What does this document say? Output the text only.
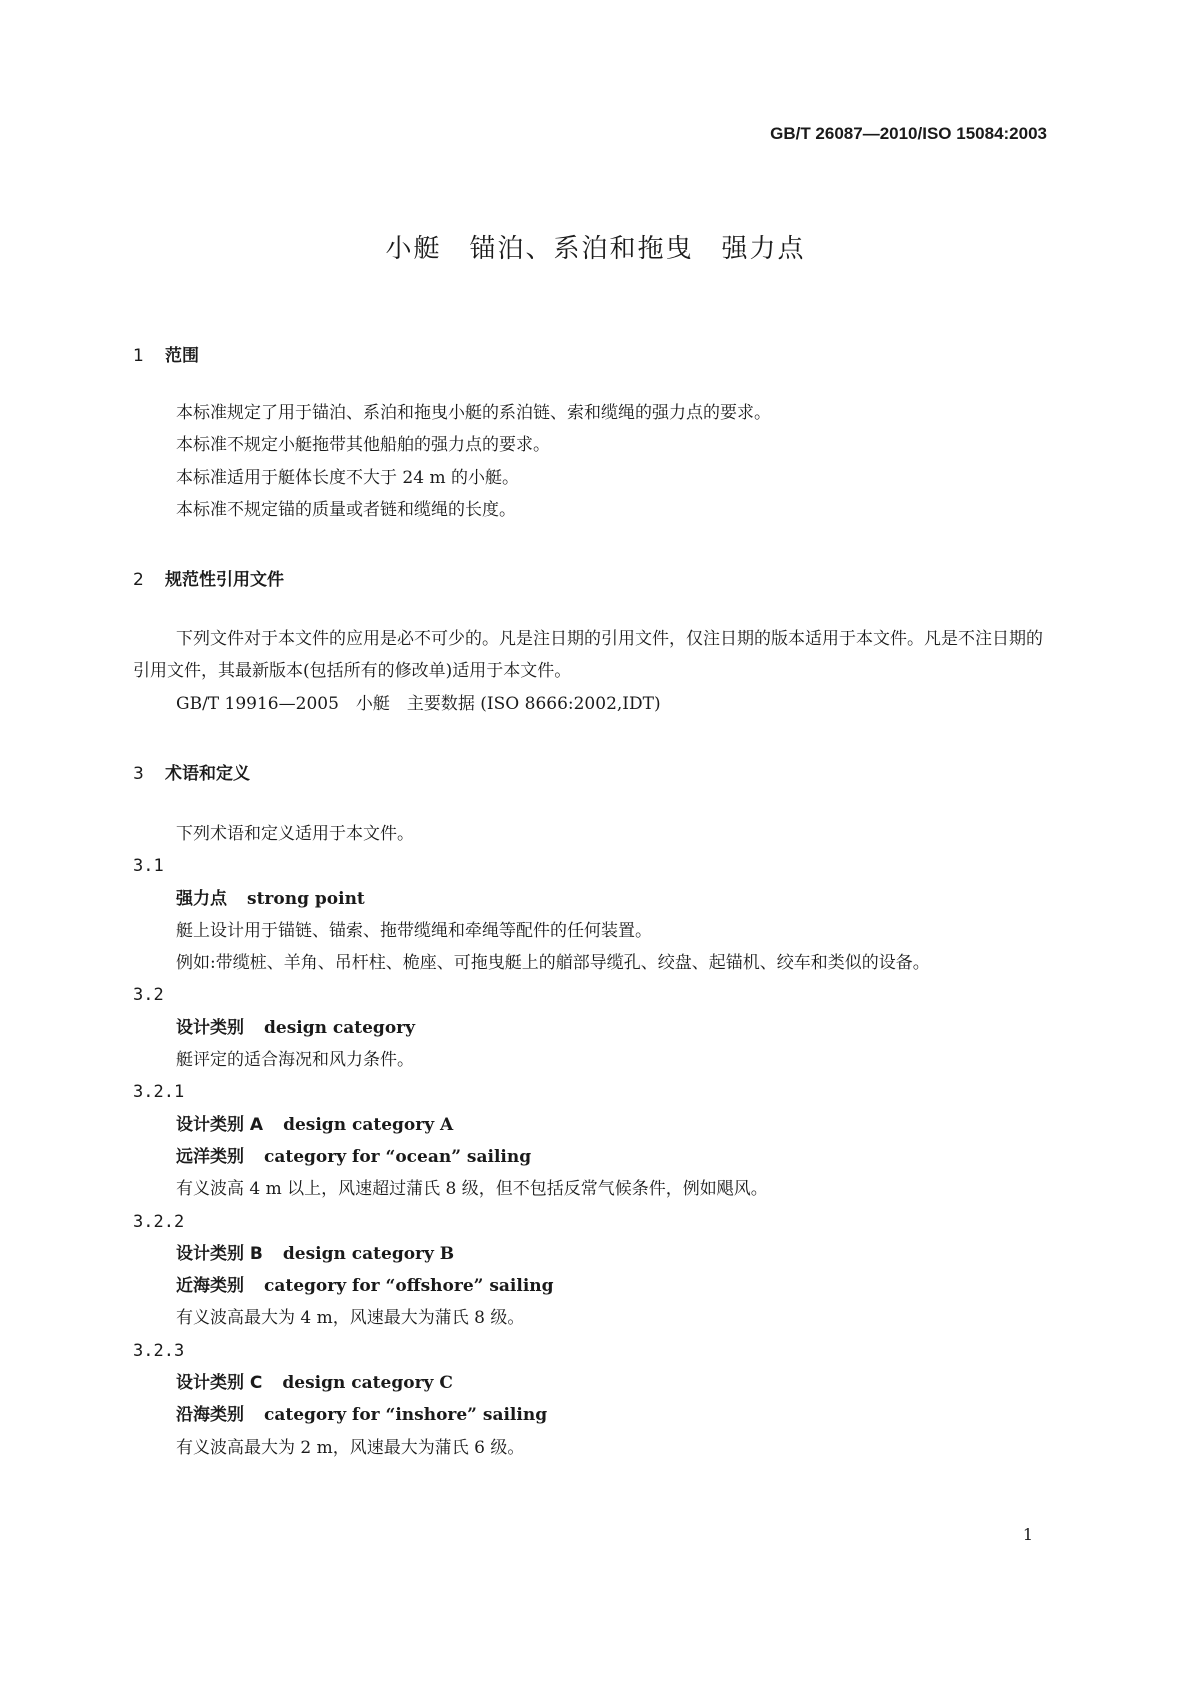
GB/T 26087—2010/ISO 15084:2003
小艇　锚泊、系泊和拖曳　强力点
1 范围
本标准规定了用于锚泊、系泊和拖曳小艇的系泊链、索和缆绳的强力点的要求。
本标准不规定小艇拖带其他船舶的强力点的要求。
本标准适用于艇体长度不大于 24 m 的小艇。
本标准不规定锚的质量或者链和缆绳的长度。
2 规范性引用文件
下列文件对于本文件的应用是必不可少的。凡是注日期的引用文件，仅注日期的版本适用于本文件。凡是不注日期的引用文件，其最新版本(包括所有的修改单)适用于本文件。
GB/T 19916—2005　小艇　主要数据 (ISO 8666:2002,IDT)
3 术语和定义
下列术语和定义适用于本文件。
3.1
强力点 strong point
艇上设计用于锚链、锚索、拖带缆绳和牵绳等配件的任何装置。
例如:带缆桩、羊角、吊杆柱、桅座、可拖曳艇上的艏部导缆孔、绞盘、起锚机、绞车和类似的设备。
3.2
设计类别 design category
艇评定的适合海况和风力条件。
3.2.1
设计类别 A design category A
远洋类别 category for “ocean” sailing
有义波高 4 m 以上，风速超过蒲氏 8 级，但不包括反常气候条件，例如飓风。
3.2.2
设计类别 B design category B
近海类别 category for “offshore” sailing
有义波高最大为 4 m，风速最大为蒲氏 8 级。
3.2.3
设计类别 C design category C
沿海类别 category for “inshore” sailing
有义波高最大为 2 m，风速最大为蒲氏 6 级。
1
